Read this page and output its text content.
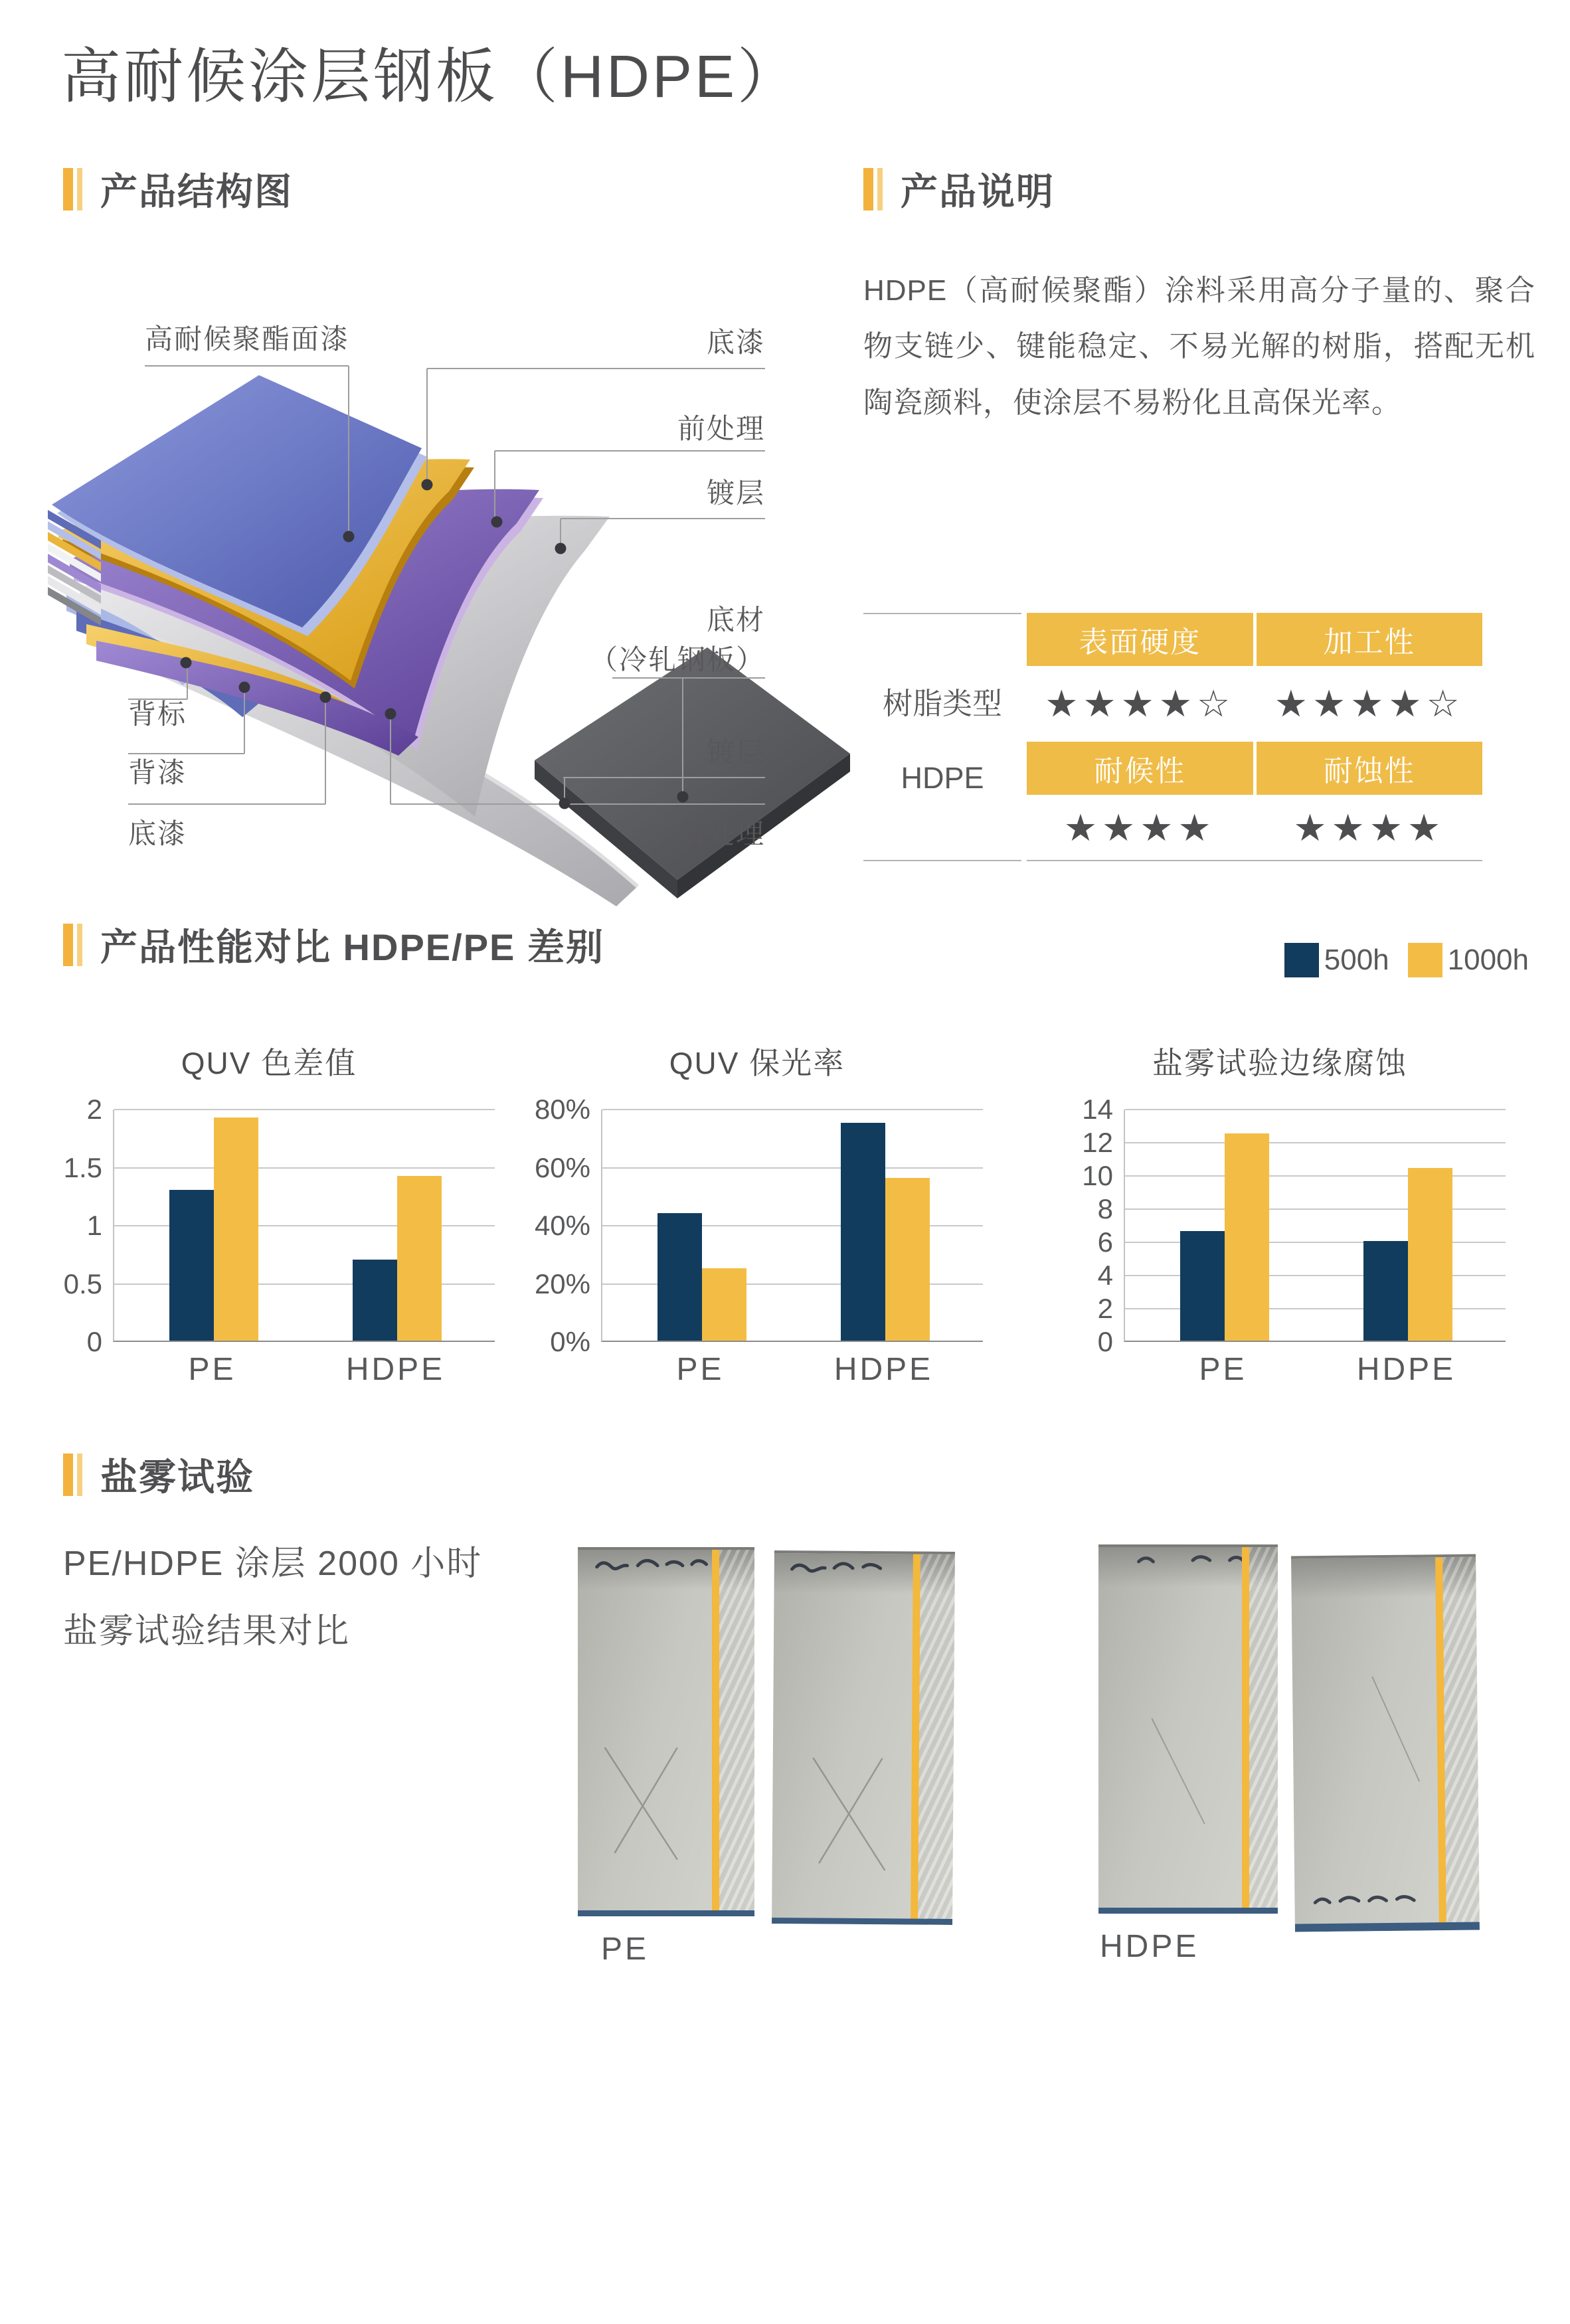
高耐候涂层钢板（HDPE）
产品结构图	产品说明
HDPE（高耐候聚酯）涂料采用高分子量的、聚合物支链少、键能稳定、不易光解的树脂，搭配无机陶瓷颜料，使涂层不易粉化且高保光率。
高耐候聚酯面漆	底漆
前处理
镀层
底材
（冷轧钢板）
背标
镀层
背漆
底漆	前处理
树脂类型
HDPE
表面硬度	加工性
★★★★☆	★★★★☆
耐候性	耐蚀性
★★★★	★★★★
产品性能对比 HDPE/PE 差别	500h 1000h
QUV 色差值
0
0.5
1
1.5
2
PE	HDPE
QUV 保光率
0%
20%
40%
60%
80%
PE	HDPE
盐雾试验边缘腐蚀
0
2
4
6
8
10
12
14
PE	HDPE
盐雾试验
PE/HDPE 涂层 2000 小时
盐雾试验结果对比
PE	HDPE
